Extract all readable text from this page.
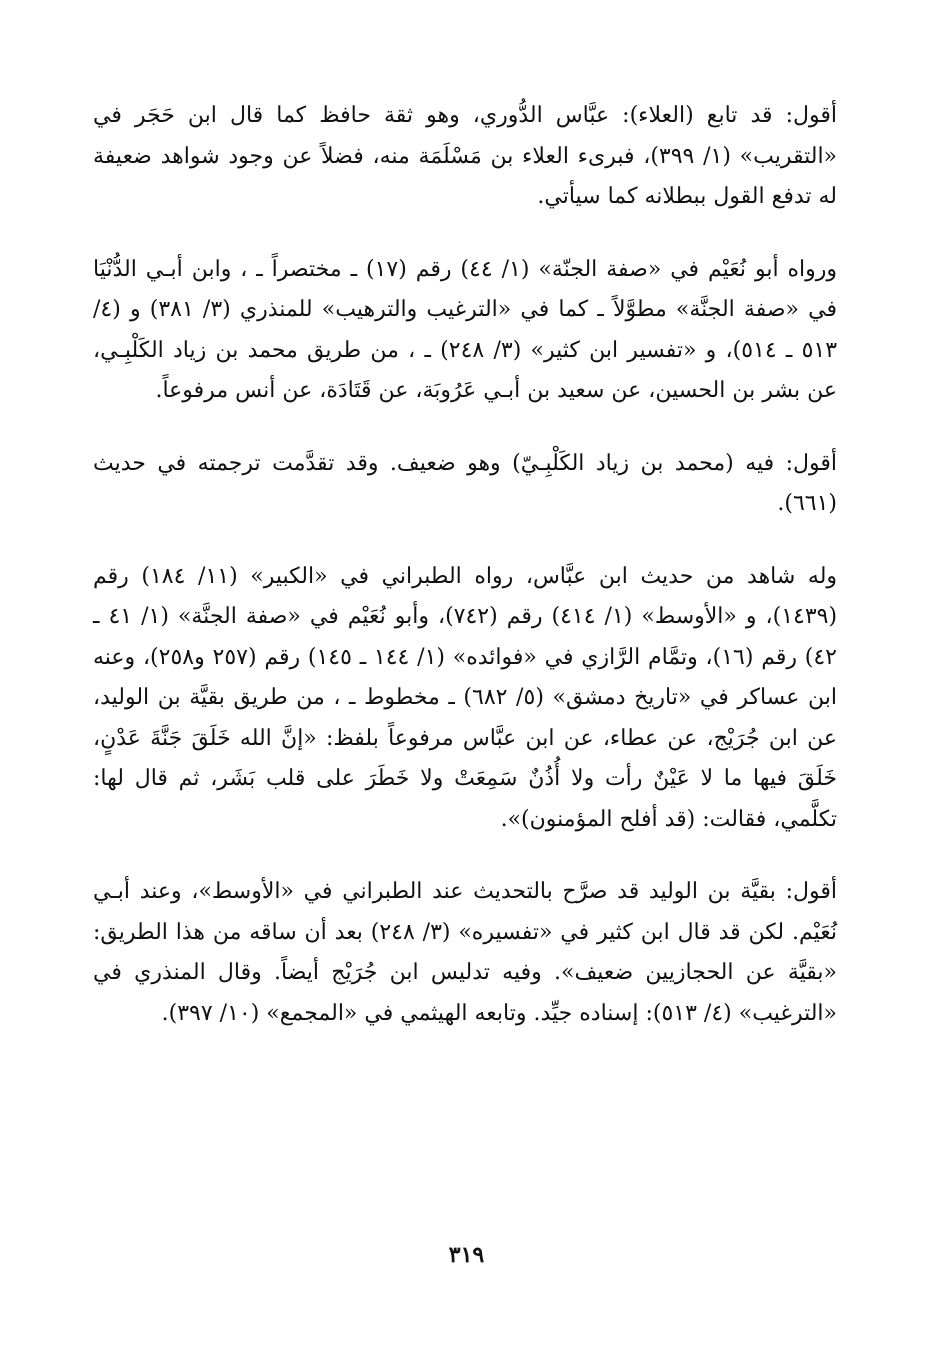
أقول: قد تابع (العلاء): عبَّاس الدُّوري، وهو ثقة حافظ كما قال ابن حَجَر في «التقريب» (١/ ٣٩٩)، فبرىء العلاء بن مَسْلَمَة منه، فضلاً عن وجود شواهد ضعيفة له تدفع القول ببطلانه كما سيأتي.

ورواه أبو نُعَيْم في «صفة الجنّة» (١/ ٤٤) رقم (١٧) ـ مختصراً ـ ، وابن أبـي الدُّنْيَا في «صفة الجنَّة» مطوَّلاً ـ كما في «الترغيب والترهيب» للمنذري (٣/ ٣٨١) و (٤/ ٥١٣ ـ ٥١٤)، و «تفسير ابن كثير» (٣/ ٢٤٨) ـ ، من طريق محمد بن زياد الكَلْبِـي، عن بشر بن الحسين، عن سعيد بن أبـي عَرُوبَة، عن قَتَادَة، عن أنس مرفوعاً.

أقول: فيه (محمد بن زياد الكَلْبِـيّ) وهو ضعيف. وقد تقدَّمت ترجمته في حديث (٦٦١).

وله شاهد من حديث ابن عبَّاس، رواه الطبراني في «الكبير» (١١/ ١٨٤) رقم (١٤٣٩)، و «الأوسط» (١/ ٤١٤) رقم (٧٤٢)، وأبو نُعَيْم في «صفة الجنَّة» (١/ ٤١ ـ ٤٢) رقم (١٦)، وتمَّام الرَّازي في «فوائده» (١/ ١٤٤ ـ ١٤٥) رقم (٢٥٧ و٢٥٨)، وعنه ابن عساكر في «تاريخ دمشق» (٥/ ٦٨٢) ـ مخطوط ـ ، من طريق بقيَّة بن الوليد، عن ابن جُرَيْج، عن عطاء، عن ابن عبَّاس مرفوعاً بلفظ: «إنَّ الله خَلَقَ جَنَّةَ عَدْنٍ، خَلَقَ فيها ما لا عَيْنٌ رأت ولا أُذُنٌ سَمِعَتْ ولا خَطَرَ على قلب بَشَر، ثم قال لها: تكلَّمي، فقالت: (قد أفلح المؤمنون)».

أقول: بقيَّة بن الوليد قد صرَّح بالتحديث عند الطبراني في «الأوسط»، وعند أبـي نُعَيْم. لكن قد قال ابن كثير في «تفسيره» (٣/ ٢٤٨) بعد أن ساقه من هذا الطريق: «بقيَّة عن الحجازيين ضعيف». وفيه تدليس ابن جُرَيْج أيضاً. وقال المنذري في «الترغيب» (٤/ ٥١٣): إسناده جيِّد. وتابعه الهيثمي في «المجمع» (١٠/ ٣٩٧).

٣١٩
